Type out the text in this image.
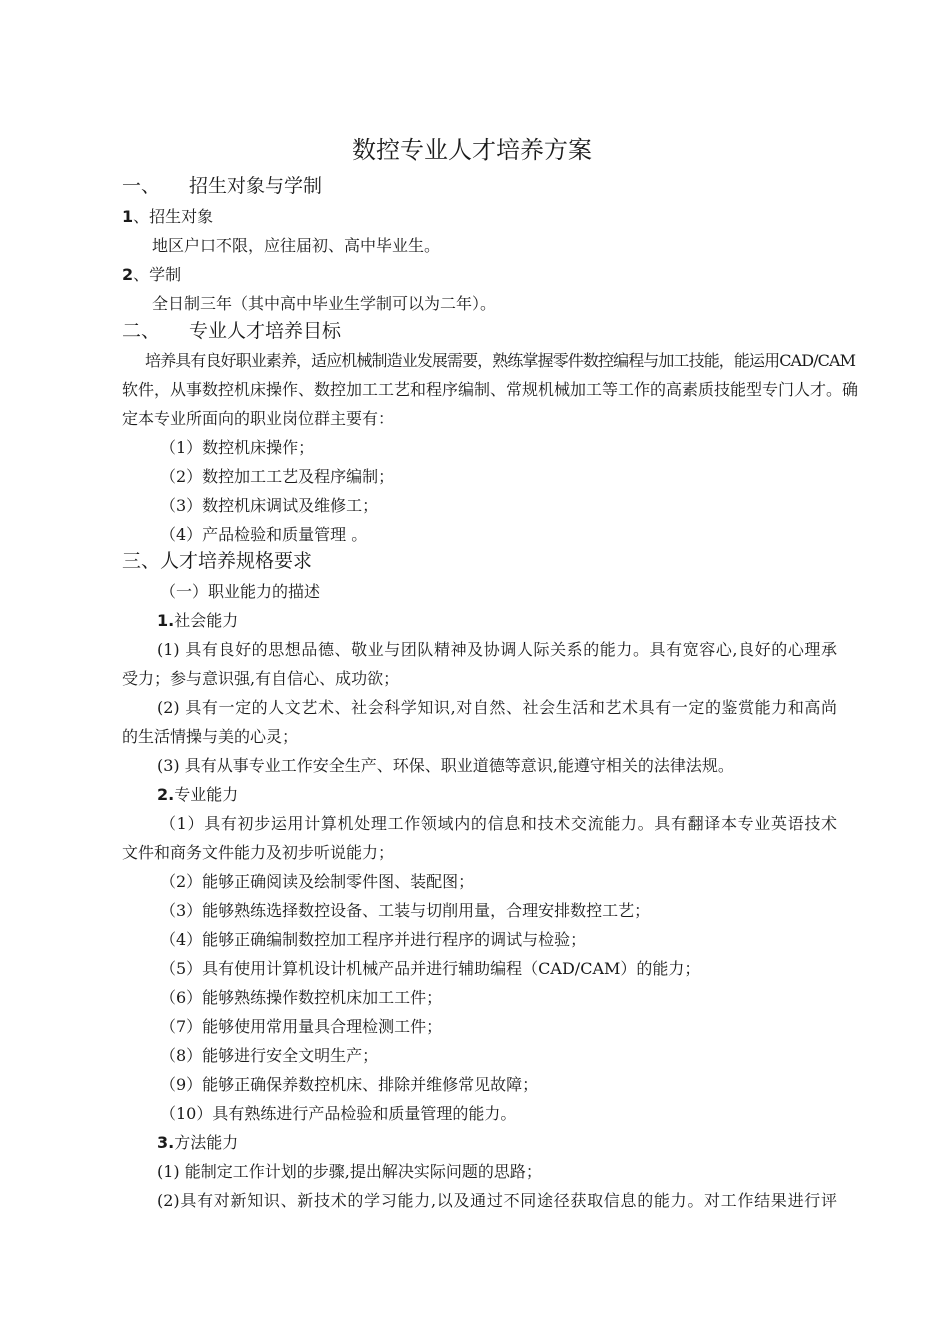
数控专业人才培养方案
一、 招生对象与学制
1、招生对象
地区户口不限，应往届初、高中毕业生。
2、学制
全日制三年（其中高中毕业生学制可以为二年）。
二、 专业人才培养目标
培养具有良好职业素养，适应机械制造业发展需要，熟练掌握零件数控编程与加工技能，能运用CAD/CAM
软件，从事数控机床操作、数控加工工艺和程序编制、常规机械加工等工作的高素质技能型专门人才。确
定本专业所面向的职业岗位群主要有：
（1）数控机床操作；
（2）数控加工工艺及程序编制；
（3）数控机床调试及维修工；
（4）产品检验和质量管理 。
三、人才培养规格要求
（一）职业能力的描述
1.社会能力
(1) 具有良好的思想品德、敬业与团队精神及协调人际关系的能力。具有宽容心,良好的心理承
受力；参与意识强,有自信心、成功欲；
(2) 具有一定的人文艺术、社会科学知识,对自然、社会生活和艺术具有一定的鉴赏能力和高尚
的生活情操与美的心灵；
(3) 具有从事专业工作安全生产、环保、职业道德等意识,能遵守相关的法律法规。
2.专业能力
（1）具有初步运用计算机处理工作领域内的信息和技术交流能力。具有翻译本专业英语技术
文件和商务文件能力及初步听说能力；
（2）能够正确阅读及绘制零件图、装配图；
（3）能够熟练选择数控设备、工装与切削用量，合理安排数控工艺；
（4）能够正确编制数控加工程序并进行程序的调试与检验；
（5）具有使用计算机设计机械产品并进行辅助编程（CAD/CAM）的能力；
（6）能够熟练操作数控机床加工工件；
（7）能够使用常用量具合理检测工件；
（8）能够进行安全文明生产；
（9）能够正确保养数控机床、排除并维修常见故障；
（10）具有熟练进行产品检验和质量管理的能力。
3.方法能力
(1) 能制定工作计划的步骤,提出解决实际问题的思路；
(2)具有对新知识、新技术的学习能力,以及通过不同途径获取信息的能力。对工作结果进行评
